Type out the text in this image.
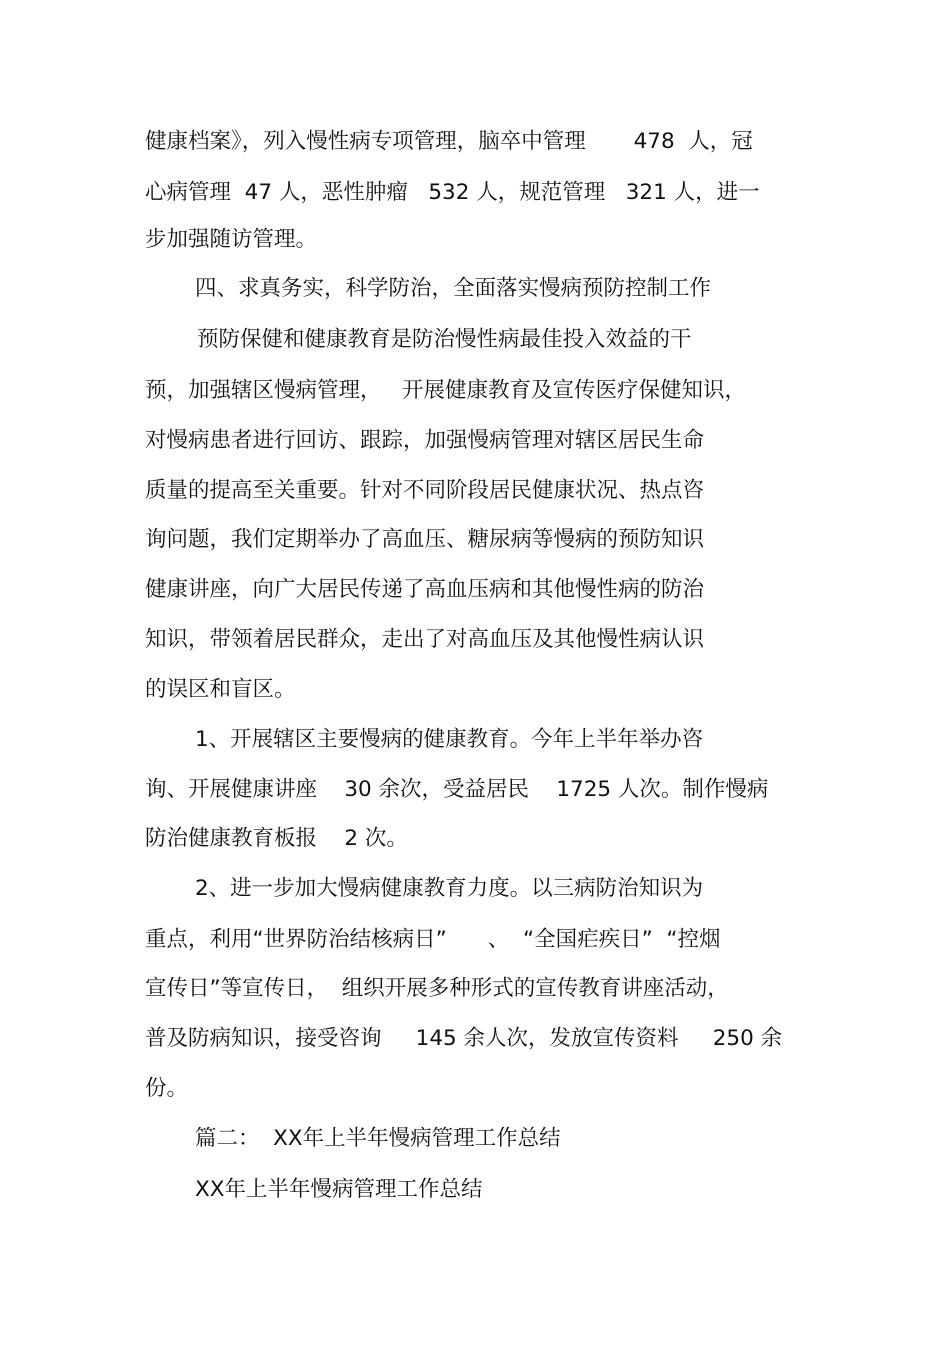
健康档案》，列入慢性病专项管理，脑卒中管理       478  人，冠
心病管理  47 人，恶性肿瘤   532 人，规范管理   321 人，进一
步加强随访管理。
四、求真务实，科学防治，全面落实慢病预防控制工作
预防保健和健康教育是防治慢性病最佳投入效益的干
预，加强辖区慢病管理，   开展健康教育及宣传医疗保健知识，
对慢病患者进行回访、跟踪，加强慢病管理对辖区居民生命
质量的提高至关重要。针对不同阶段居民健康状况、热点咨
询问题，我们定期举办了高血压、糖尿病等慢病的预防知识
健康讲座，向广大居民传递了高血压病和其他慢性病的防治
知识，带领着居民群众，走出了对高血压及其他慢性病认识
的误区和盲区。
1、开展辖区主要慢病的健康教育。今年上半年举办咨
询、开展健康讲座    30 余次，受益居民    1725 人次。制作慢病
防治健康教育板报    2 次。
2、进一步加大慢病健康教育力度。以三病防治知识为
重点，利用“世界防治结核病日”      、  “全国疟疾日”  “控烟
宣传日”等宣传日，  组织开展多种形式的宣传教育讲座活动，
普及防病知识，接受咨询     145 余人次，发放宣传资料     250 余
份。
篇二：  XX年上半年慢病管理工作总结
XX年上半年慢病管理工作总结
